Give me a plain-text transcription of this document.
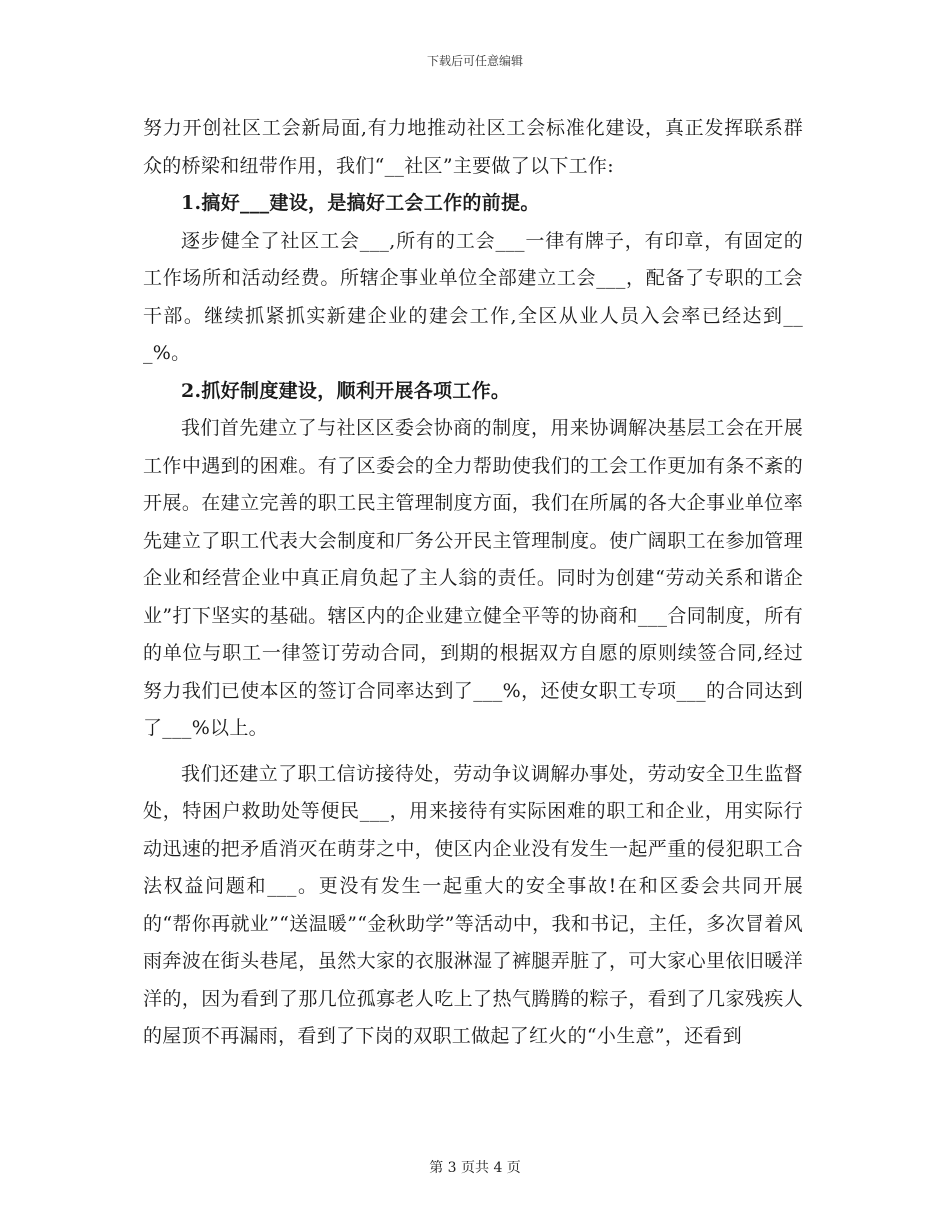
下载后可任意编辑

努力开创社区工会新局面,有力地推动社区工会标准化建设，真正发挥联系群众的桥梁和纽带作用，我们“__社区”主要做了以下工作:

1.搞好___建设，是搞好工会工作的前提。

逐步健全了社区工会___,所有的工会___一律有牌子，有印章，有固定的工作场所和活动经费。所辖企事业单位全部建立工会___，配备了专职的工会干部。继续抓紧抓实新建企业的建会工作,全区从业人员入会率已经达到___%。

2.抓好制度建设，顺利开展各项工作。

我们首先建立了与社区区委会协商的制度，用来协调解决基层工会在开展工作中遇到的困难。有了区委会的全力帮助使我们的工会工作更加有条不紊的开展。在建立完善的职工民主管理制度方面，我们在所属的各大企事业单位率先建立了职工代表大会制度和厂务公开民主管理制度。使广阔职工在参加管理企业和经营企业中真正肩负起了主人翁的责任。同时为创建“劳动关系和谐企业”打下坚实的基础。辖区内的企业建立健全平等的协商和___合同制度，所有的单位与职工一律签订劳动合同，到期的根据双方自愿的原则续签合同,经过努力我们已使本区的签订合同率达到了___%，还使女职工专项___的合同达到了___%以上。

我们还建立了职工信访接待处，劳动争议调解办事处，劳动安全卫生监督处，特困户救助处等便民___，用来接待有实际困难的职工和企业，用实际行动迅速的把矛盾消灭在萌芽之中，使区内企业没有发生一起严重的侵犯职工合法权益问题和___。更没有发生一起重大的安全事故!在和区委会共同开展的“帮你再就业”“送温暖”“金秋助学”等活动中，我和书记，主任，多次冒着风雨奔波在街头巷尾，虽然大家的衣服淋湿了裤腿弄脏了，可大家心里依旧暖洋洋的，因为看到了那几位孤寡老人吃上了热气腾腾的粽子，看到了几家残疾人的屋顶不再漏雨，看到了下岗的双职工做起了红火的“小生意”，还看到

第 3 页共 4 页
